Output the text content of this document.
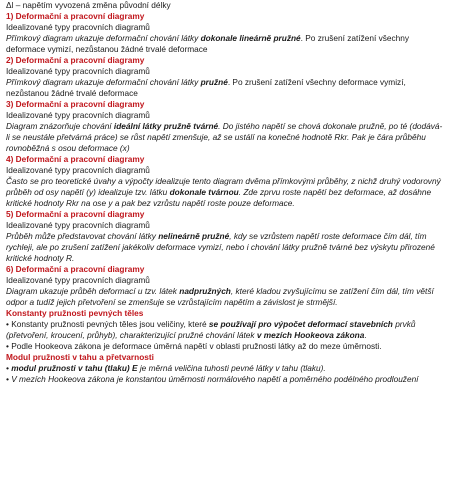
Δl – napětím vyvozená změna původní délky

1) Deformační a pracovní diagramy

Idealizované typy pracovních diagramů

Přímkový diagram ukazuje deformační chování látky dokonale lineárně pružné. Po zrušení zatížení všechny deformace vymizí, nezůstanou žádné trvalé deformace

2) Deformační a pracovní diagramy

Idealizované typy pracovních diagramů

Přímkový diagram ukazuje deformační chování látky pružné. Po zrušení zatížení všechny deformace vymizí, nezůstanou žádné trvalé deformace

3) Deformační a pracovní diagramy

Idealizované typy pracovních diagramů

Diagram znázorňuje chování ideální látky pružně tvárné. Do jistého napětí se chová dokonale pružně, po té (dodává-li se neustále přetvárná práce) se růst napětí zmenšuje, až se ustálí na konečné hodnotě Rkr. Pak je čára průběhu rovnoběžná s osou deformace (x)

4) Deformační a pracovní diagramy

Idealizované typy pracovních diagramů

Často se pro teoretické úvahy a výpočty idealizuje tento diagram dvěma přímkovými průběhy, z nichž druhý vodorovný průběh od osy napětí (y) idealizuje tzv. látku dokonale tvárnou. Zde zprvu roste napětí bez deformace, až dosáhne kritické hodnoty Rkr na ose y a pak bez vzrůstu napětí roste pouze deformace.

5) Deformační a pracovní diagramy

Idealizované typy pracovních diagramů

Průběh může představovat chování látky nelineárně pružné, kdy se vzrůstem napětí roste deformace čím dál, tím rychleji, ale po zrušení zatížení jakékoliv deformace vymizí, nebo i chování látky pružně tvárné bez výskytu přirozené kritické hodnoty R.

6) Deformační a pracovní diagramy

Idealizované typy pracovních diagramů

Diagram ukazuje průběh deformací u tzv. látek nadpružných, které kladou zvyšujícímu se zatížení čím dál, tím větší odpor a tudíž jejich přetvoření se zmenšuje se vzrůstajícím napětím a závislost je strmější.

Konstanty pružnosti pevných těles

• Konstanty pružnosti pevných těles jsou veličiny, které se používají pro výpočet deformací stavebních prvků (přetvoření, kroucení, průhyb), charakterizující pružné chování látek v mezích Hookeova zákona.

• Podle Hookeova zákona je deformace úměrná napětí v oblasti pružnosti látky až do meze úměrnosti.

Modul pružnosti v tahu a přetvarnosti

• modul pružnosti v tahu (tlaku) E je měrná veličina tuhosti pevné látky v tahu (tlaku).

• V mezích Hookeova zákona je konstantou úměrnosti normálového napětí a poměrného podélného prodloužení
